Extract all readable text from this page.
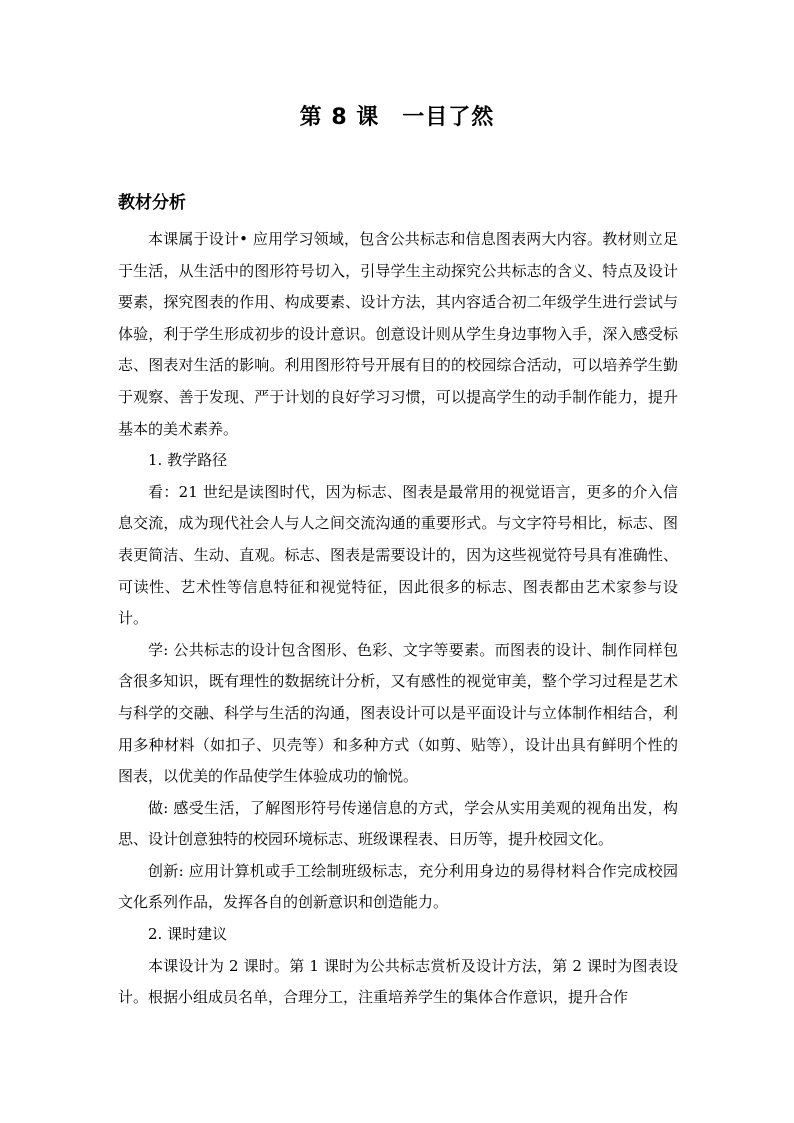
第 8 课　一目了然
教材分析

本课属于设计• 应用学习领域，包含公共标志和信息图表两大内容。教材则立足于生活，从生活中的图形符号切入，引导学生主动探究公共标志的含义、特点及设计要素，探究图表的作用、构成要素、设计方法，其内容适合初二年级学生进行尝试与体验，利于学生形成初步的设计意识。创意设计则从学生身边事物入手，深入感受标志、图表对生活的影响。利用图形符号开展有目的的校园综合活动，可以培养学生勤于观察、善于发现、严于计划的良好学习习惯，可以提高学生的动手制作能力，提升基本的美术素养。

1. 教学路径

看：21 世纪是读图时代，因为标志、图表是最常用的视觉语言，更多的介入信息交流，成为现代社会人与人之间交流沟通的重要形式。与文字符号相比，标志、图表更简洁、生动、直观。标志、图表是需要设计的，因为这些视觉符号具有准确性、可读性、艺术性等信息特征和视觉特征，因此很多的标志、图表都由艺术家参与设计。

学: 公共标志的设计包含图形、色彩、文字等要素。而图表的设计、制作同样包含很多知识，既有理性的数据统计分析，又有感性的视觉审美，整个学习过程是艺术与科学的交融、科学与生活的沟通，图表设计可以是平面设计与立体制作相结合，利用多种材料（如扣子、贝壳等）和多种方式（如剪、贴等），设计出具有鲜明个性的图表，以优美的作品使学生体验成功的愉悦。

做: 感受生活，了解图形符号传递信息的方式，学会从实用美观的视角出发，构思、设计创意独特的校园环境标志、班级课程表、日历等，提升校园文化。

创新: 应用计算机或手工绘制班级标志，充分利用身边的易得材料合作完成校园文化系列作品，发挥各自的创新意识和创造能力。

2. 课时建议

本课设计为 2 课时。第 1 课时为公共标志赏析及设计方法，第 2 课时为图表设计。根据小组成员名单，合理分工，注重培养学生的集体合作意识，提升合作
